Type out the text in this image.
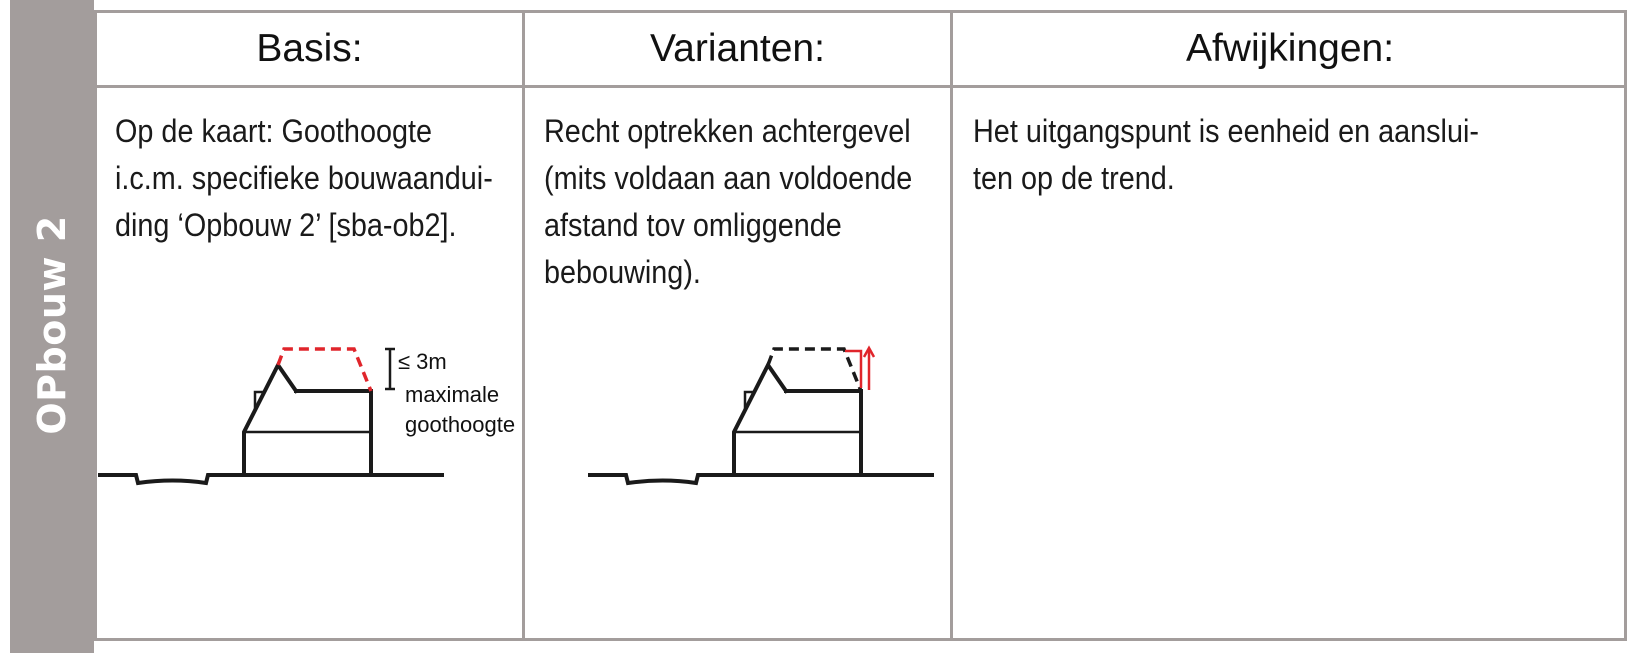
OPbouw 2
Basis:	Varianten:	Afwijkingen:
Op de kaart: Goothoogte
i.c.m. specifieke bouwaandui-
ding ‘Opbouw 2’ [sba-ob2].
Recht optrekken achtergevel
(mits voldaan aan voldoende
afstand tov omliggende
bebouwing).
Het uitgangspunt is eenheid en aanslui-
ten op de trend.
≤ 3m
maximale
goothoogte
